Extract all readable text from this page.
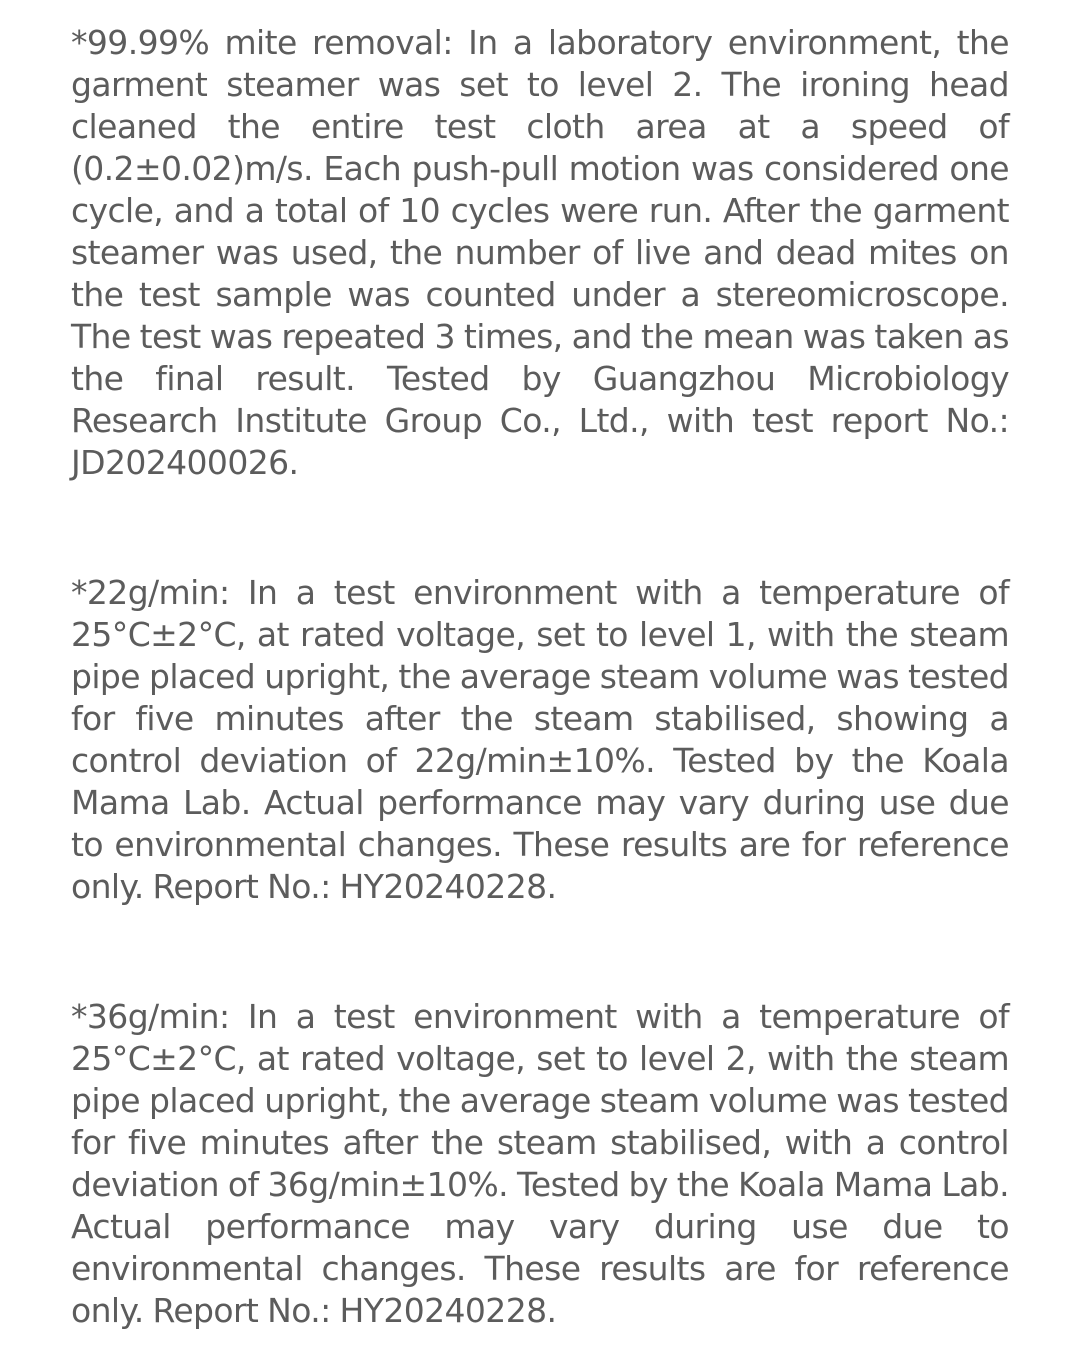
*99.99% mite removal: In a laboratory environment, the garment steamer was set to level 2. The ironing head cleaned the entire test cloth area at a speed of (0.2±0.02)m/s. Each push-pull motion was considered one cycle, and a total of 10 cycles were run. After the garment steamer was used, the number of live and dead mites on the test sample was counted under a stereomicroscope. The test was repeated 3 times, and the mean was taken as the final result. Tested by Guangzhou Microbiology Research Institute Group Co., Ltd., with test report No.: JD202400026.

*22g/min: In a test environment with a temperature of 25°C±2°C, at rated voltage, set to level 1, with the steam pipe placed upright, the average steam volume was tested for five minutes after the steam stabilised, showing a control deviation of 22g/min±10%. Tested by the Koala Mama Lab. Actual performance may vary during use due to environmental changes. These results are for reference only. Report No.: HY20240228.

*36g/min: In a test environment with a temperature of 25°C±2°C, at rated voltage, set to level 2, with the steam pipe placed upright, the average steam volume was tested for five minutes after the steam stabilised, with a control deviation of 36g/min±10%. Tested by the Koala Mama Lab. Actual performance may vary during use due to environmental changes. These results are for reference only. Report No.: HY20240228.
